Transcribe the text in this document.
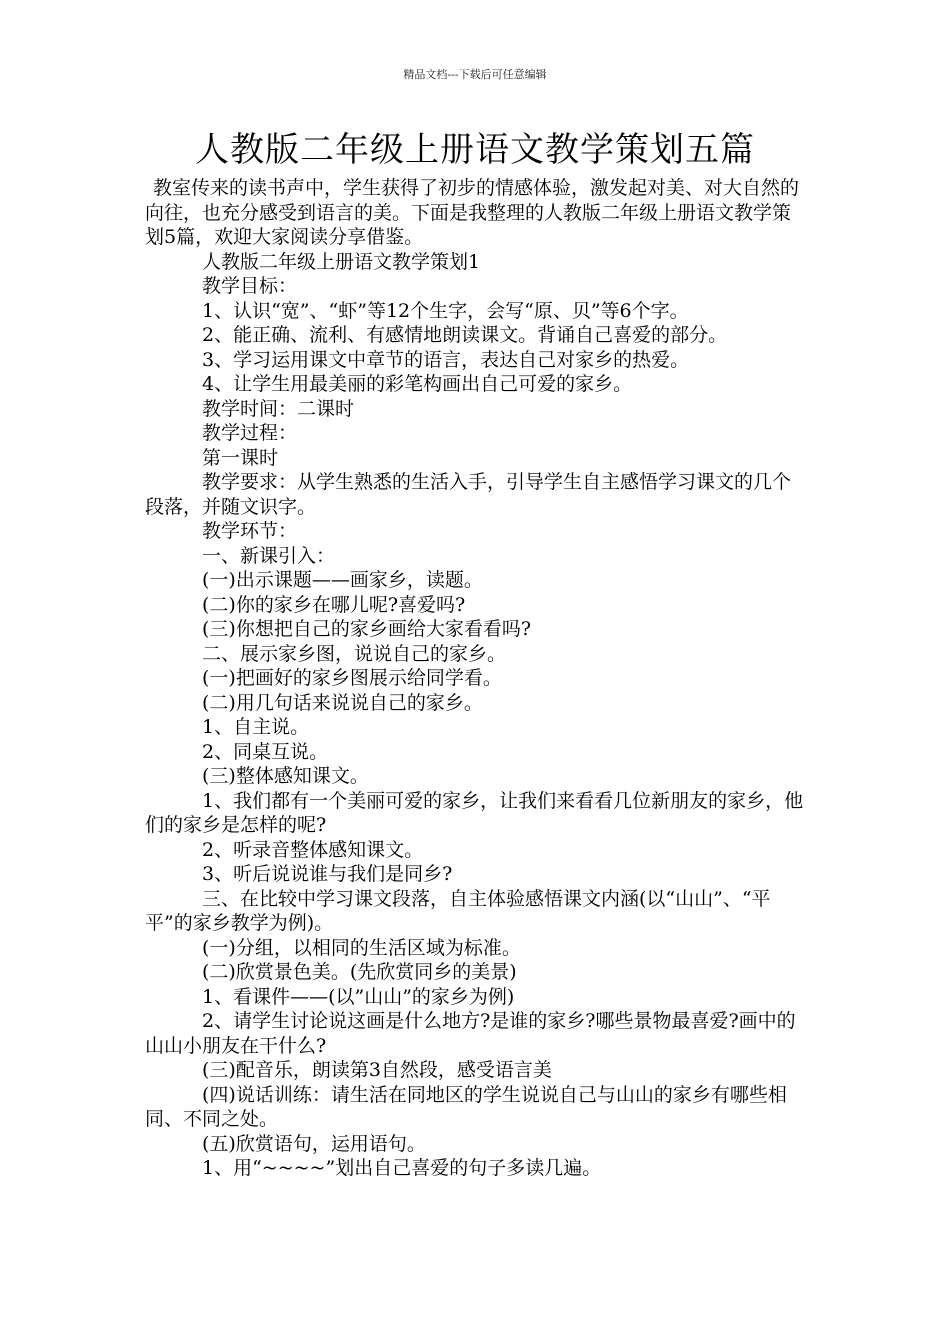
精品文档---下载后可任意编辑
人教版二年级上册语文教学策划五篇

教室传来的读书声中，学生获得了初步的情感体验，激发起对美、对大自然的向往，也充分感受到语言的美。下面是我整理的人教版二年级上册语文教学策划5篇，欢迎大家阅读分享借鉴。

人教版二年级上册语文教学策划1

教学目标：

1、认识“宽”、“虾”等12个生字，会写“原、贝”等6个字。

2、能正确、流利、有感情地朗读课文。背诵自己喜爱的部分。

3、学习运用课文中章节的语言，表达自己对家乡的热爱。

4、让学生用最美丽的彩笔构画出自己可爱的家乡。

教学时间：二课时

教学过程：

第一课时

教学要求：从学生熟悉的生活入手，引导学生自主感悟学习课文的几个段落，并随文识字。

教学环节：

一、新课引入：

(一)出示课题——画家乡，读题。

(二)你的家乡在哪儿呢?喜爱吗?

(三)你想把自己的家乡画给大家看看吗?

二、展示家乡图，说说自己的家乡。

(一)把画好的家乡图展示给同学看。

(二)用几句话来说说自己的家乡。

1、自主说。

2、同桌互说。

(三)整体感知课文。

1、我们都有一个美丽可爱的家乡，让我们来看看几位新朋友的家乡，他们的家乡是怎样的呢?

2、听录音整体感知课文。

3、听后说说谁与我们是同乡?

三、在比较中学习课文段落，自主体验感悟课文内涵(以“山山”、“平平”的家乡教学为例)。

(一)分组，以相同的生活区域为标准。

(二)欣赏景色美。(先欣赏同乡的美景)

1、看课件——(以”山山”的家乡为例)

2、请学生讨论说这画是什么地方?是谁的家乡?哪些景物最喜爱?画中的山山小朋友在干什么?

(三)配音乐，朗读第3自然段，感受语言美

(四)说话训练：请生活在同地区的学生说说自己与山山的家乡有哪些相同、不同之处。

(五)欣赏语句，运用语句。

1、用“~~~~”划出自己喜爱的句子多读几遍。
